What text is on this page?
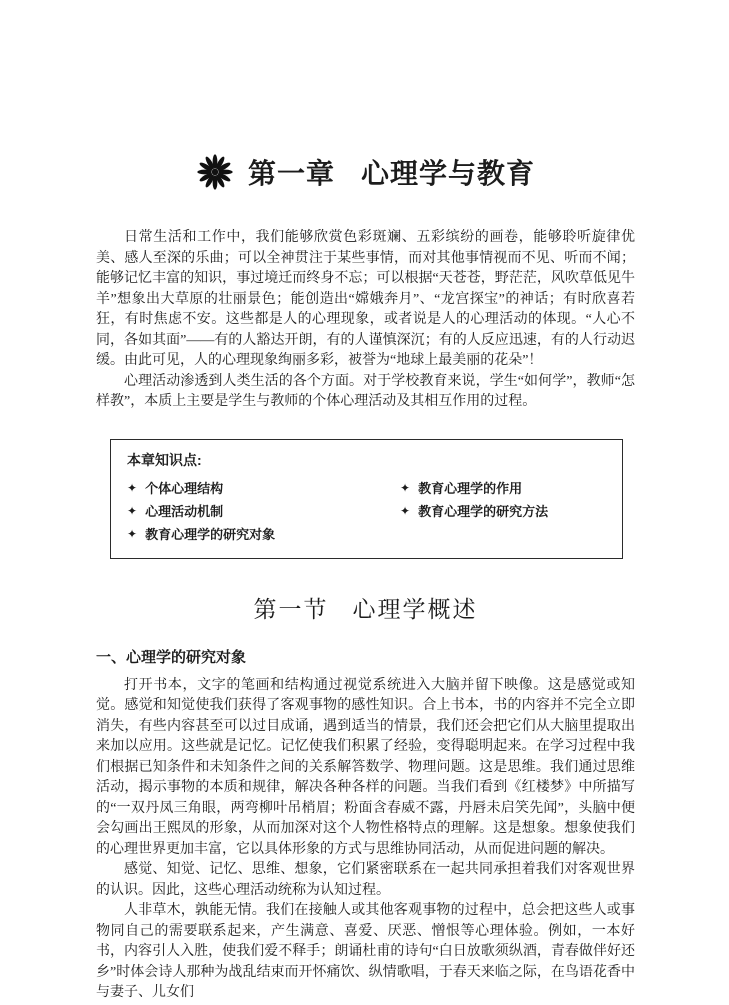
第一章 心理学与教育

日常生活和工作中，我们能够欣赏色彩斑斓、五彩缤纷的画卷，能够聆听旋律优美、感人至深的乐曲；可以全神贯注于某些事情，而对其他事情视而不见、听而不闻；能够记忆丰富的知识，事过境迁而终身不忘；可以根据“天苍苍，野茫茫，风吹草低见牛羊”想象出大草原的壮丽景色；能创造出“嫦娥奔月”、“龙宫探宝”的神话；有时欣喜若狂，有时焦虑不安。这些都是人的心理现象，或者说是人的心理活动的体现。“人心不同，各如其面”——有的人豁达开朗，有的人谨慎深沉；有的人反应迅速，有的人行动迟缓。由此可见，人的心理现象绚丽多彩，被誉为“地球上最美丽的花朵”！

心理活动渗透到人类生活的各个方面。对于学校教育来说，学生“如何学”，教师“怎样教”，本质上主要是学生与教师的个体心理活动及其相互作用的过程。

本章知识点:
✦ 个体心理结构
✦ 心理活动机制
✦ 教育心理学的研究对象
✦ 教育心理学的作用
✦ 教育心理学的研究方法
第一节 心理学概述
一、心理学的研究对象

打开书本，文字的笔画和结构通过视觉系统进入大脑并留下映像。这是感觉或知觉。感觉和知觉使我们获得了客观事物的感性知识。合上书本，书的内容并不完全立即消失，有些内容甚至可以过目成诵，遇到适当的情景，我们还会把它们从大脑里提取出来加以应用。这些就是记忆。记忆使我们积累了经验，变得聪明起来。在学习过程中我们根据已知条件和未知条件之间的关系解答数学、物理问题。这是思维。我们通过思维活动，揭示事物的本质和规律，解决各种各样的问题。当我们看到《红楼梦》中所描写的“一双丹凤三角眼，两弯柳叶吊梢眉；粉面含春威不露，丹唇未启笑先闻”，头脑中便会勾画出王熙凤的形象，从而加深对这个人物性格特点的理解。这是想象。想象使我们的心理世界更加丰富，它以具体形象的方式与思维协同活动，从而促进问题的解决。

感觉、知觉、记忆、思维、想象，它们紧密联系在一起共同承担着我们对客观世界的认识。因此，这些心理活动统称为认知过程。

人非草木，孰能无情。我们在接触人或其他客观事物的过程中，总会把这些人或事物同自己的需要联系起来，产生满意、喜爱、厌恶、憎恨等心理体验。例如，一本好书，内容引人入胜，使我们爱不释手；朗诵杜甫的诗句“白日放歌须纵酒，青春做伴好还乡”时体会诗人那种为战乱结束而开怀痛饮、纵情歌唱，于春天来临之际，在鸟语花香中与妻子、儿女们
